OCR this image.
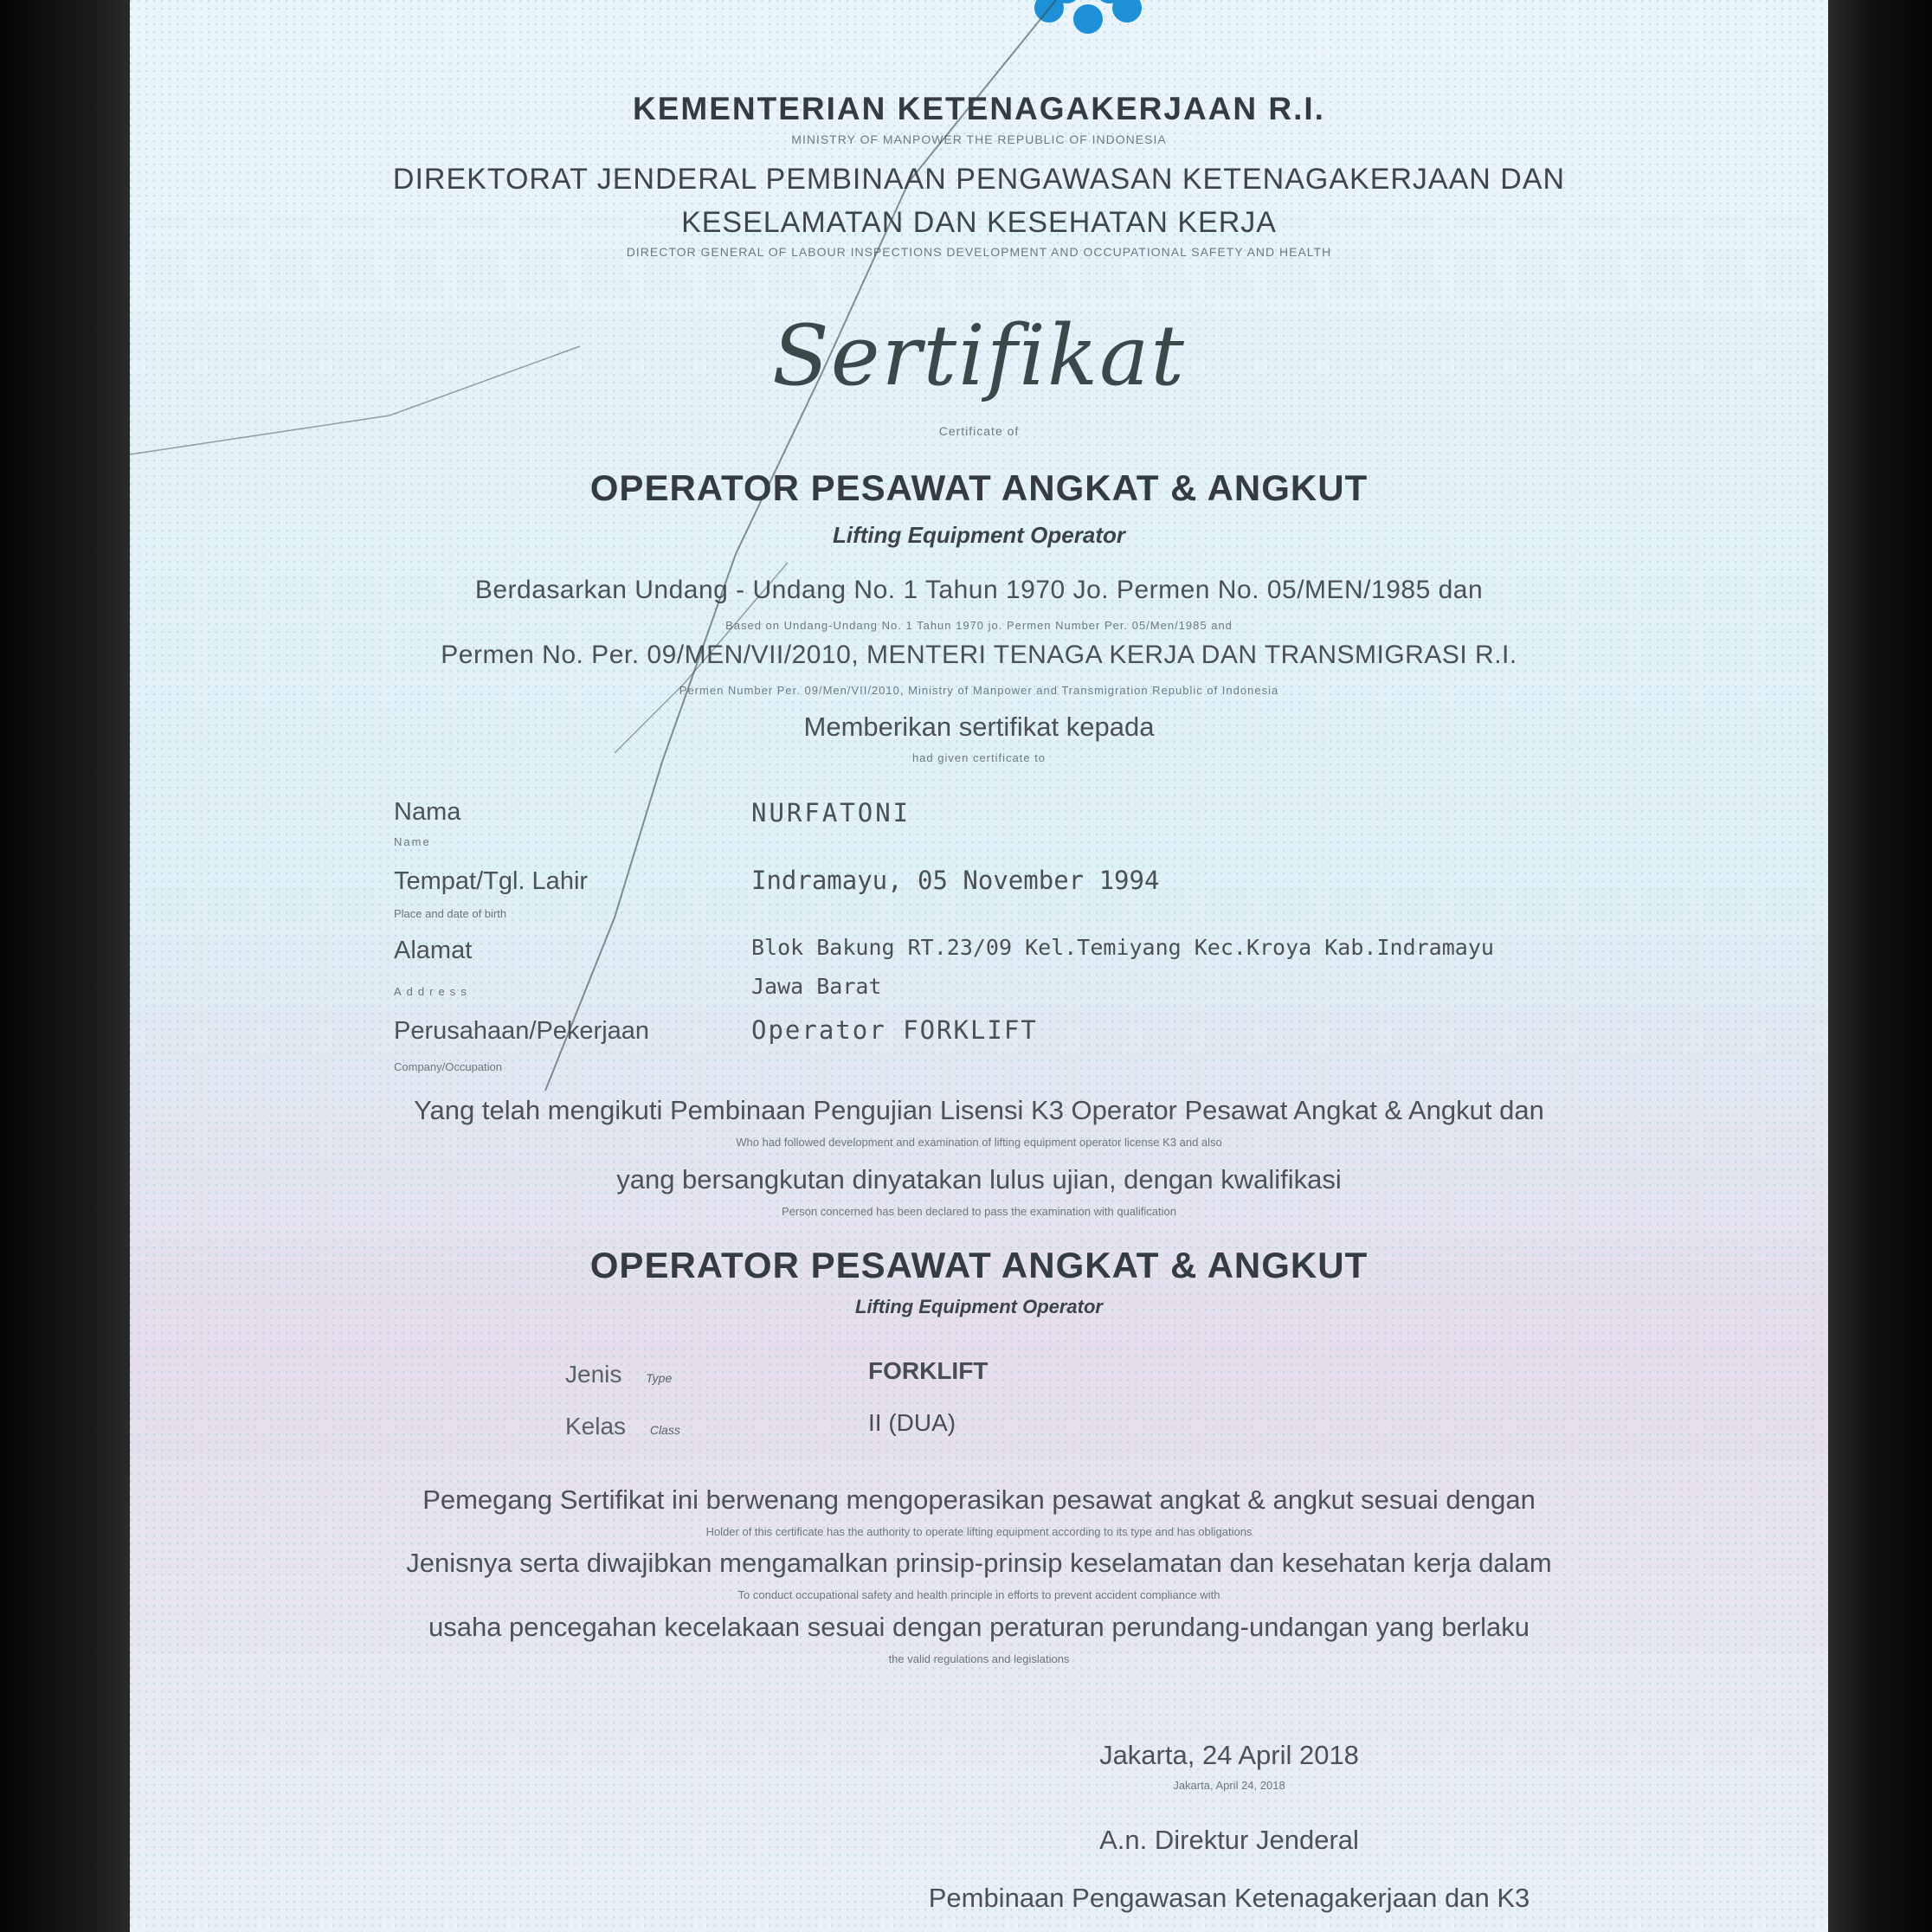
KEMENTERIAN KETENAGAKERJAAN R.I.
MINISTRY OF MANPOWER THE REPUBLIC OF INDONESIA
DIREKTORAT JENDERAL PEMBINAAN PENGAWASAN KETENAGAKERJAAN DAN
KESELAMATAN DAN KESEHATAN KERJA
DIRECTOR GENERAL OF LABOUR INSPECTIONS DEVELOPMENT AND OCCUPATIONAL SAFETY AND HEALTH
Sertifikat
Certificate of
OPERATOR PESAWAT ANGKAT & ANGKUT
Lifting Equipment Operator
Berdasarkan Undang - Undang No. 1 Tahun 1970 Jo. Permen No. 05/MEN/1985 dan
Based on Undang-Undang No. 1 Tahun 1970 jo. Permen Number Per. 05/Men/1985 and
Permen No. Per. 09/MEN/VII/2010, MENTERI TENAGA KERJA DAN TRANSMIGRASI R.I.
Permen Number Per. 09/Men/VII/2010, Ministry of Manpower and Transmigration Republic of Indonesia
Memberikan sertifikat kepada
had given certificate to
Nama
Name
NURFATONI
Tempat/Tgl. Lahir
Place and date of birth
Indramayu, 05 November 1994
Alamat
Address
Blok Bakung RT.23/09 Kel.Temiyang Kec.Kroya Kab.Indramayu
Jawa Barat
Perusahaan/Pekerjaan
Company/Occupation
Operator FORKLIFT
Yang telah mengikuti Pembinaan Pengujian Lisensi K3 Operator Pesawat Angkat & Angkut dan
Who had followed development and examination of lifting equipment operator license K3 and also
yang bersangkutan dinyatakan lulus ujian, dengan kwalifikasi
Person concerned has been declared to pass the examination with qualification
OPERATOR PESAWAT ANGKAT & ANGKUT
Lifting Equipment Operator
Jenis Type	FORKLIFT
Kelas Class	II (DUA)
Pemegang Sertifikat ini berwenang mengoperasikan pesawat angkat & angkut sesuai dengan
Holder of this certificate has the authority to operate lifting equipment according to its type and has obligations
Jenisnya serta diwajibkan mengamalkan prinsip-prinsip keselamatan dan kesehatan kerja dalam
To conduct occupational safety and health principle in efforts to prevent accident compliance with
usaha pencegahan kecelakaan sesuai dengan peraturan perundang-undangan yang berlaku
the valid regulations and legislations
Jakarta, 24 April 2018
Jakarta, April 24, 2018
A.n. Direktur Jenderal
Pembinaan Pengawasan Ketenagakerjaan dan K3
